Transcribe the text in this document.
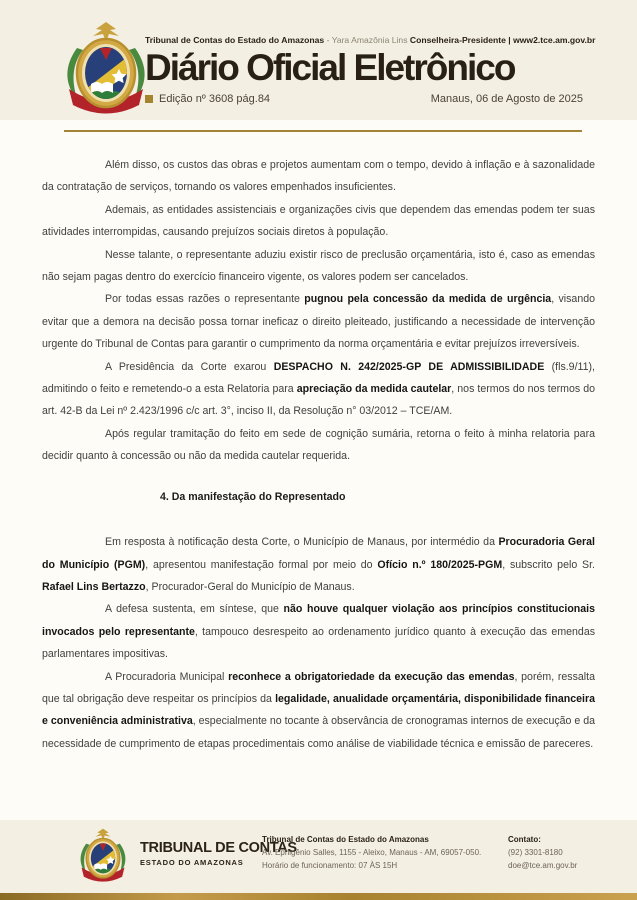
Tribunal de Contas do Estado do Amazonas - Yara Amazônia Lins Conselheira-Presidente | www2.tce.am.gov.br
Diário Oficial Eletrônico
Edição nº 3608 pág.84	Manaus, 06 de Agosto de 2025

Além disso, os custos das obras e projetos aumentam com o tempo, devido à inflação e à sazonalidade da contratação de serviços, tornando os valores empenhados insuficientes.

Ademais, as entidades assistenciais e organizações civis que dependem das emendas podem ter suas atividades interrompidas, causando prejuízos sociais diretos à população.

Nesse talante, o representante aduziu existir risco de preclusão orçamentária, isto é, caso as emendas não sejam pagas dentro do exercício financeiro vigente, os valores podem ser cancelados.

Por todas essas razões o representante pugnou pela concessão da medida de urgência, visando evitar que a demora na decisão possa tornar ineficaz o direito pleiteado, justificando a necessidade de intervenção urgente do Tribunal de Contas para garantir o cumprimento da norma orçamentária e evitar prejuízos irreversíveis.

A Presidência da Corte exarou DESPACHO N. 242/2025-GP DE ADMISSIBILIDADE (fls.9/11), admitindo o feito e remetendo-o a esta Relatoria para apreciação da medida cautelar, nos termos do nos termos do art. 42-B da Lei nº 2.423/1996 c/c art. 3°, inciso II, da Resolução n° 03/2012 – TCE/AM.

Após regular tramitação do feito em sede de cognição sumária, retorna o feito à minha relatoria para decidir quanto à concessão ou não da medida cautelar requerida.

4. Da manifestação do Representado

Em resposta à notificação desta Corte, o Município de Manaus, por intermédio da Procuradoria Geral do Município (PGM), apresentou manifestação formal por meio do Ofício n.º 180/2025-PGM, subscrito pelo Sr. Rafael Lins Bertazzo, Procurador-Geral do Município de Manaus.

A defesa sustenta, em síntese, que não houve qualquer violação aos princípios constitucionais invocados pelo representante, tampouco desrespeito ao ordenamento jurídico quanto à execução das emendas parlamentares impositivas.

A Procuradoria Municipal reconhece a obrigatoriedade da execução das emendas, porém, ressalta que tal obrigação deve respeitar os princípios da legalidade, anualidade orçamentária, disponibilidade financeira e conveniência administrativa, especialmente no tocante à observância de cronogramas internos de execução e da necessidade de cumprimento de etapas procedimentais como análise de viabilidade técnica e emissão de pareceres.

TRIBUNAL DE CONTAS
ESTADO DO AMAZONAS
Tribunal de Contas do Estado do Amazonas
Av. Ephigênio Salles, 1155 - Aleixo, Manaus - AM, 69057-050.
Horário de funcionamento: 07 ÀS 15H
Contato:
(92) 3301-8180
doe@tce.am.gov.br
